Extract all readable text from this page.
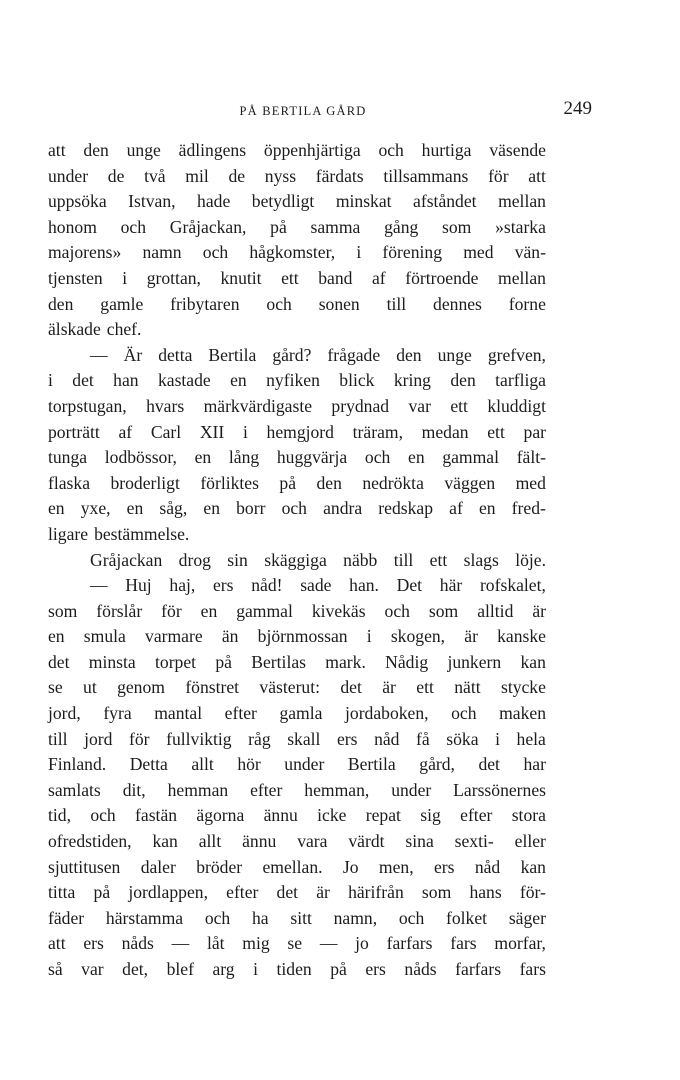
PÅ BERTILA GÅRD	249
att den unge ädlingens öppenhjärtiga och hurtiga väsende
under de två mil de nyss färdats tillsammans för att
uppsöka Istvan, hade betydligt minskat afståndet mellan
honom och Gråjackan, på samma gång som »starka
majorens» namn och hågkomster, i förening med vän-
tjensten i grottan, knutit ett band af förtroende mellan
den gamle fribytaren och sonen till dennes forne
älskade chef.
— Är detta Bertila gård? frågade den unge grefven,
i det han kastade en nyfiken blick kring den tarfliga
torpstugan, hvars märkvärdigaste prydnad var ett kluddigt
porträtt af Carl XII i hemgjord träram, medan ett par
tunga lodbössor, en lång huggvärja och en gammal fält-
flaska broderligt förliktes på den nedrökta väggen med
en yxe, en såg, en borr och andra redskap af en fred-
ligare bestämmelse.
Gråjackan drog sin skäggiga näbb till ett slags löje.
— Huj haj, ers nåd! sade han. Det här rofskalet,
som förslår för en gammal kivekäs och som alltid är
en smula varmare än björnmossan i skogen, är kanske
det minsta torpet på Bertilas mark. Nådig junkern kan
se ut genom fönstret västerut: det är ett nätt stycke
jord, fyra mantal efter gamla jordaboken, och maken
till jord för fullviktig råg skall ers nåd få söka i hela
Finland. Detta allt hör under Bertila gård, det har
samlats dit, hemman efter hemman, under Larssönernes
tid, och fastän ägorna ännu icke repat sig efter stora
ofredstiden, kan allt ännu vara värdt sina sexti- eller
sjuttitusen daler bröder emellan. Jo men, ers nåd kan
titta på jordlappen, efter det är härifrån som hans för-
fäder härstamma och ha sitt namn, och folket säger
att ers nåds — låt mig se — jo farfars fars morfar,
så var det, blef arg i tiden på ers nåds farfars fars
